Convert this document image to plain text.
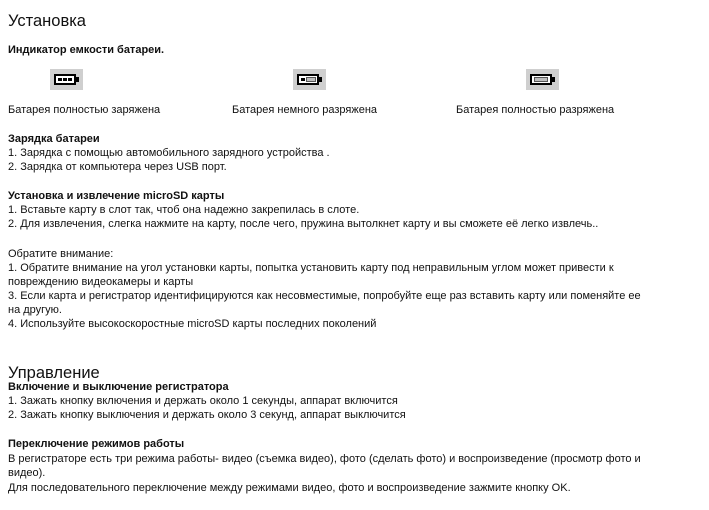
Установка
Индикатор емкости батареи.
Батарея полностью заряжена	Батарея немного разряжена	Батарея полностью разряжена
Зарядка батареи
1. Зарядка с помощью автомобильного зарядного устройства .
2. Зарядка от компьютера через USB порт.
Установка и извлечение microSD карты
1. Вставьте карту в слот так, чтоб она надежно закрепилась в слоте.
2. Для извлечения, слегка нажмите на карту, после чего, пружина вытолкнет карту и вы сможете её легко извлечь..
Обратите внимание:
1. Обратите внимание на угол установки карты, попытка установить карту под неправильным углом может привести к
повреждению видеокамеры и карты
3. Если карта и регистратор идентифицируются как несовместимые, попробуйте еще раз вставить карту или поменяйте ее
на другую.
4. Используйте высокоскоростные microSD карты последних поколений
Управление
Включение и выключение регистратора
1. Зажать кнопку включения и держать около 1 секунды, аппарат включится
2. Зажать кнопку выключения и держать около 3 секунд, аппарат выключится
Переключение режимов работы
В регистраторе есть три режима работы- видео (съемка видео), фото (сделать фото) и воспроизведение (просмотр фото и
видео).
Для последовательного переключение между режимами видео, фото и воспроизведение зажмите кнопку OK.
